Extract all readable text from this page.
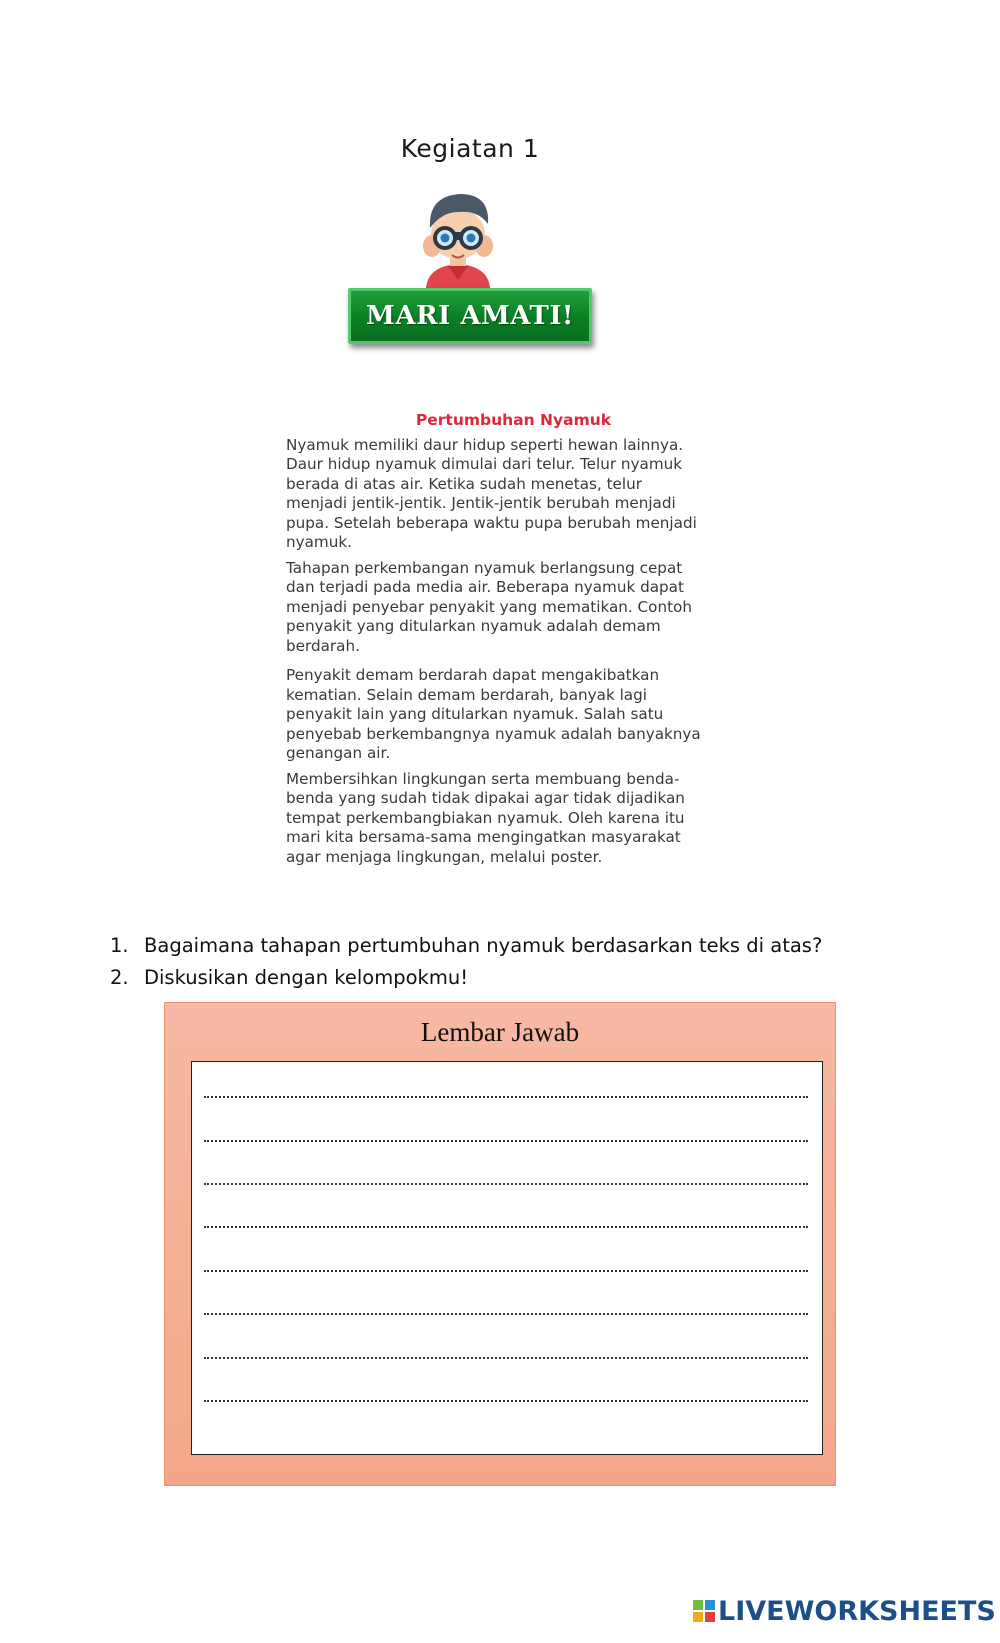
Kegiatan 1
MARI AMATI!
Pertumbuhan Nyamuk

Nyamuk memiliki daur hidup seperti hewan lainnya. Daur hidup nyamuk dimulai dari telur. Telur nyamuk berada di atas air. Ketika sudah menetas, telur menjadi jentik-jentik. Jentik-jentik berubah menjadi pupa. Setelah beberapa waktu pupa berubah menjadi nyamuk.

Tahapan perkembangan nyamuk berlangsung cepat dan terjadi pada media air. Beberapa nyamuk dapat menjadi penyebar penyakit yang mematikan. Contoh penyakit yang ditularkan nyamuk adalah demam berdarah.

Penyakit demam berdarah dapat mengakibatkan kematian. Selain demam berdarah, banyak lagi penyakit lain yang ditularkan nyamuk. Salah satu penyebab berkembangnya nyamuk adalah banyaknya genangan air.

Membersihkan lingkungan serta membuang benda-benda yang sudah tidak dipakai agar tidak dijadikan tempat perkembangbiakan nyamuk. Oleh karena itu mari kita bersama-sama mengingatkan masyarakat agar menjaga lingkungan, melalui poster.

1. Bagaimana tahapan pertumbuhan nyamuk berdasarkan teks di atas?
2. Diskusikan dengan kelompokmu!
Lembar Jawab
LIVEWORKSHEETS
